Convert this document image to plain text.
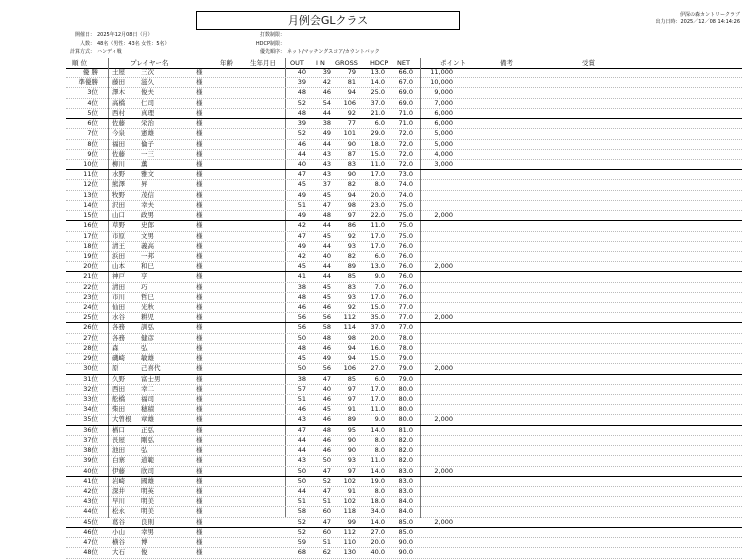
月例会GLクラス	伊深の森カントリークラブ
出力日時：2025／12／08 14:14:26
開催日： 2025年12月08日（月）
人数： 48名（男性：43名 女性：5名）
計算方式： ハンディ戦
打数制限：
HDCP制限：
優先順序： ネット/マッチングスコア/カウントバック
順 位	プレイヤー名	年齢	生年月日 OUT I N GROSS HDCP NET	ポイント	備考	受賞
優 勝 土屋 三次	様	40	39	79 13.0 66.0	11,000
準優勝 藤田 滋久	様	39	42	81 14.0 67.0	10,000
3位 澤木 俊夫	様	48	46	94 25.0 69.0	9,000
4位 高橋 仁司	様	52	54 106 37.0 69.0	7,000
5位 西村 真理	様	48	44	92 21.0 71.0	6,000
6位 佐藤 栄治	様	39	38	77	6.0 71.0	6,000
7位 今泉 憲雄	様	52	49 101 29.0 72.0	5,000
8位 福田 倫子	様	46	44	90 18.0 72.0	5,000
9位 佐藤 一三	様	44	43	87 15.0 72.0	4,000
10位 柳川 薫	様	40	43	83 11.0 72.0	3,000
11位 水野 雅文	様	47	43	90 17.0 73.0
12位 熊澤 昇	様	45	37	82	8.0 74.0
13位 牧野 茂信	様	49	45	94 20.0 74.0
14位 沢田 幸夫	様	51	47	98 23.0 75.0
15位 山口 政男	様	49	48	97 22.0 75.0	2,000
16位 草野 史郎	様	42	44	86 11.0 75.0
17位 市原 文男	様	47	45	92 17.0 75.0
18位 清王 義高	様	49	44	93 17.0 76.0
19位 浜田 一邦	様	42	40	82	6.0 76.0
20位 山本 和巳	様	45	44	89 13.0 76.0	2,000
21位 神戸 亨	様	41	44	85	9.0 76.0
22位 清田 巧	様	38	45	83	7.0 76.0
23位 市川 哲巳	様	48	45	93 17.0 76.0
24位 仙田 光秋	様	46	46	92 15.0 77.0
25位 水谷 耕児	様	56	56 112 35.0 77.0	2,000
26位 各務 訓弘	様	56	58 114 37.0 77.0
27位 各務 健彦	様	50	48	98 20.0 78.0
28位 森	弘	様	48	46	94 16.0 78.0
29位 磯崎 敏雄	様	45	49	94 15.0 79.0
30位 原	己喜代	様	50	56 106 27.0 79.0	2,000
31位 久野 富士男	様	38	47	85	6.0 79.0
32位 西田 幸二	様	57	40	97 17.0 80.0
33位 舩橋 福司	様	51	46	97 17.0 80.0
34位 柴田 穂積	様	46	45	91 11.0 80.0
35位 大曽根 章雄	様	43	46	89	9.0 80.0	2,000
36位 楢口 正弘	様	47	48	95 14.0 81.0
37位 長屋 剛弘	様	44	46	90	8.0 82.0
38位 池田 弘	様	44	46	90	8.0 82.0
39位 白寨 道範	様	43	50	93 11.0 82.0
40位 伊藤 欣司	様	50	47	97 14.0 83.0	2,000
41位 岩崎 國雄	様	50	52 102 19.0 83.0
42位 深井 明英	様	44	47	91	8.0 83.0
43位 早川 明美	様	51	51 102 18.0 84.0
44位 松永 明美	様	58	60 118 34.0 84.0
45位 葛谷 良則	様	52	47	99 14.0 85.0	2,000
46位 小山 幸男	様	52	60 112 27.0 85.0
47位 横谷 博	様	59	51 110 20.0 90.0
48位 大石 俊	様	68	62 130 40.0 90.0
